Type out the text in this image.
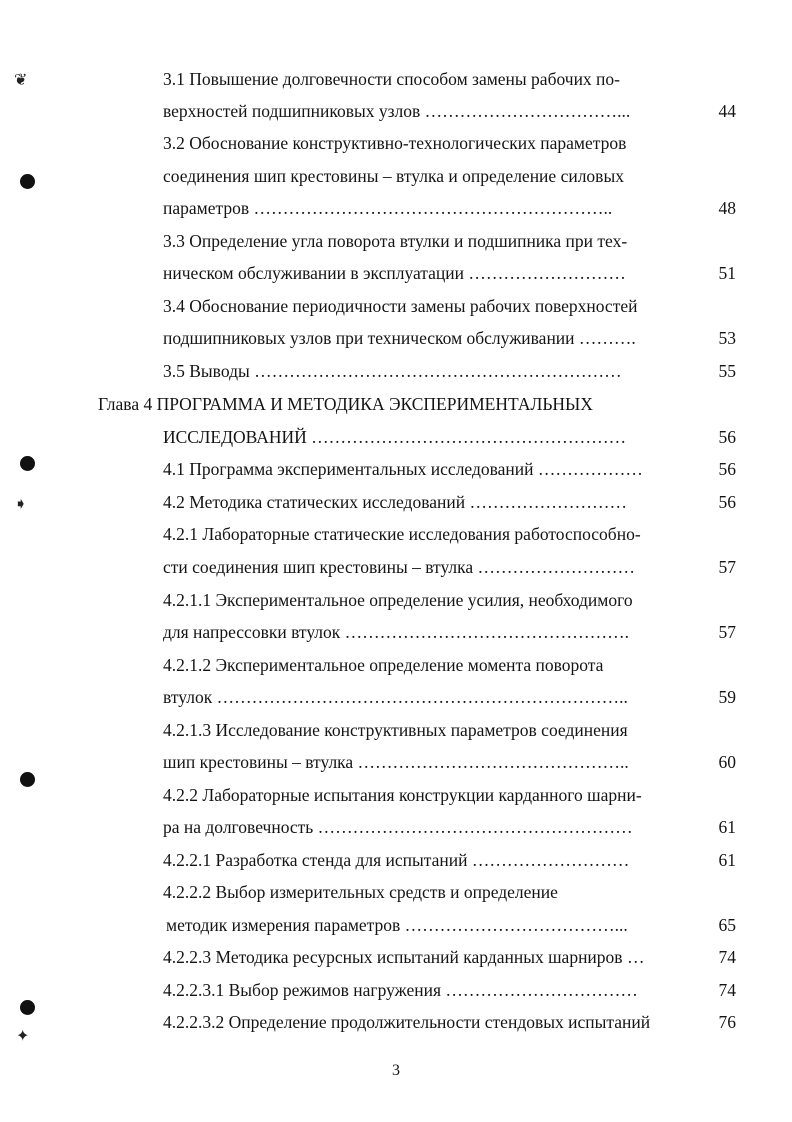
❦
➧
✦
3.1 Повышение долговечности способом замены рабочих по-
верхностей подшипниковых узлов ……………………………...	44
3.2 Обоснование конструктивно-технологических параметров
соединения шип крестовины – втулка и определение силовых
параметров ……………………………………………………..	48
3.3 Определение угла поворота втулки и подшипника при тех-
ническом обслуживании в эксплуатации ………………………	51
3.4 Обоснование периодичности замены рабочих поверхностей
подшипниковых узлов при техническом обслуживании ……….	53
3.5 Выводы ………………………………………………………	55
Глава 4 ПРОГРАММА И МЕТОДИКА ЭКСПЕРИМЕНТАЛЬНЫХ
ИССЛЕДОВАНИЙ ………………………………………………	56
4.1 Программа экспериментальных исследований ………………	56
4.2 Методика статических исследований ………………………	56
4.2.1 Лабораторные статические исследования работоспособно-
сти соединения шип крестовины – втулка ………………………	57
4.2.1.1 Экспериментальное определение усилия, необходимого
для напрессовки втулок ………………………………………….	57
4.2.1.2 Экспериментальное определение момента поворота
втулок ……………………………………………………………..	59
4.2.1.3 Исследование конструктивных параметров соединения
шип крестовины – втулка ………………………………………..	60
4.2.2 Лабораторные испытания конструкции карданного шарни-
ра на долговечность ………………………………………………	61
4.2.2.1 Разработка стенда для испытаний ………………………	61
4.2.2.2 Выбор измерительных средств и определение
методик измерения параметров ………………………………...	65
4.2.2.3 Методика ресурсных испытаний карданных шарниров …	74
4.2.2.3.1 Выбор режимов нагружения ……………………………	74
4.2.2.3.2 Определение продолжительности стендовых испытаний	76
3
